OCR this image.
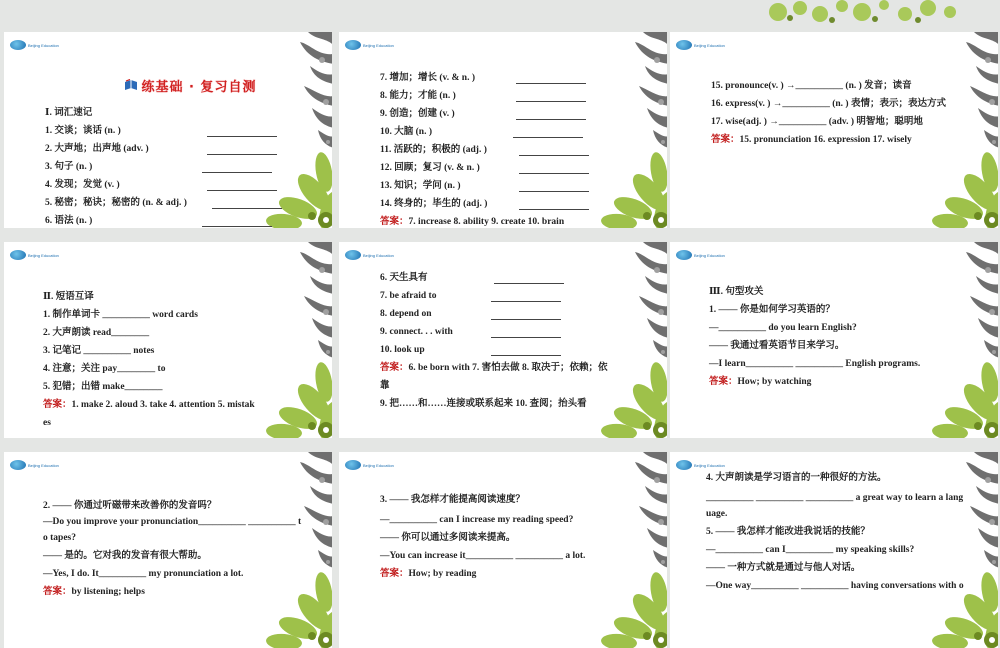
Beijing Education
练基础 · 复习自测
Ⅰ. 词汇速记
1. 交谈；谈话 (n. )
2. 大声地；出声地 (adv. )
3. 句子 (n. )
4. 发现；发觉 (v. )
5. 秘密；秘诀；秘密的 (n. & adj. )
6. 语法 (n. )
Beijing Education
7. 增加；增长 (v. & n. )
8. 能力；才能 (n. )
9. 创造；创建 (v. )
10. 大脑 (n. )
11. 活跃的；积极的 (adj. )
12. 回顾；复习 (v. & n. )
13. 知识；学问 (n. )
14. 终身的；毕生的 (adj. )
答案：7. increase 8. ability 9. create 10. brain
Beijing Education
15. pronounce(v. ) →__________ (n. ) 发音；读音
16. express(v. ) →__________ (n. ) 表情；表示；表达方式
17. wise(adj. ) →__________ (adv. ) 明智地；聪明地
答案：15. pronunciation 16. expression 17. wisely
Beijing Education
Ⅱ. 短语互译
1. 制作单词卡 __________ word cards
2. 大声朗读 read________
3. 记笔记 __________ notes
4. 注意；关注 pay________ to
5. 犯错；出错 make________
答案：1. make 2. aloud 3. take 4. attention 5. mistak
es
Beijing Education
6. 天生具有
7. be afraid to
8. depend on
9. connect. . . with
10. look up
答案：6. be born with 7. 害怕去做 8. 取决于；依赖；依
靠
9. 把……和……连接或联系起来 10. 查阅；抬头看
Beijing Education
Ⅲ. 句型攻关
1. —— 你是如何学习英语的？
—__________ do you learn English?
—— 我通过看英语节目来学习。
—I learn__________ __________ English programs.
答案：How; by watching
Beijing Education
2. —— 你通过听磁带来改善你的发音吗？
—Do you improve your pronunciation__________ __________ t
o tapes?
—— 是的。它对我的发音有很大帮助。
—Yes, I do. It__________ my pronunciation a lot.
答案：by listening; helps
Beijing Education
3. —— 我怎样才能提高阅读速度？
—__________ can I increase my reading speed?
—— 你可以通过多阅读来提高。
—You can increase it__________ __________ a lot.
答案：How; by reading
Beijing Education
4. 大声朗读是学习语言的一种很好的方法。
__________ __________ __________ a great way to learn a lang
uage.
5. —— 我怎样才能改进我说话的技能？
—__________ can I__________ my speaking skills?
—— 一种方式就是通过与他人对话。
—One way__________ __________ having conversations with o
